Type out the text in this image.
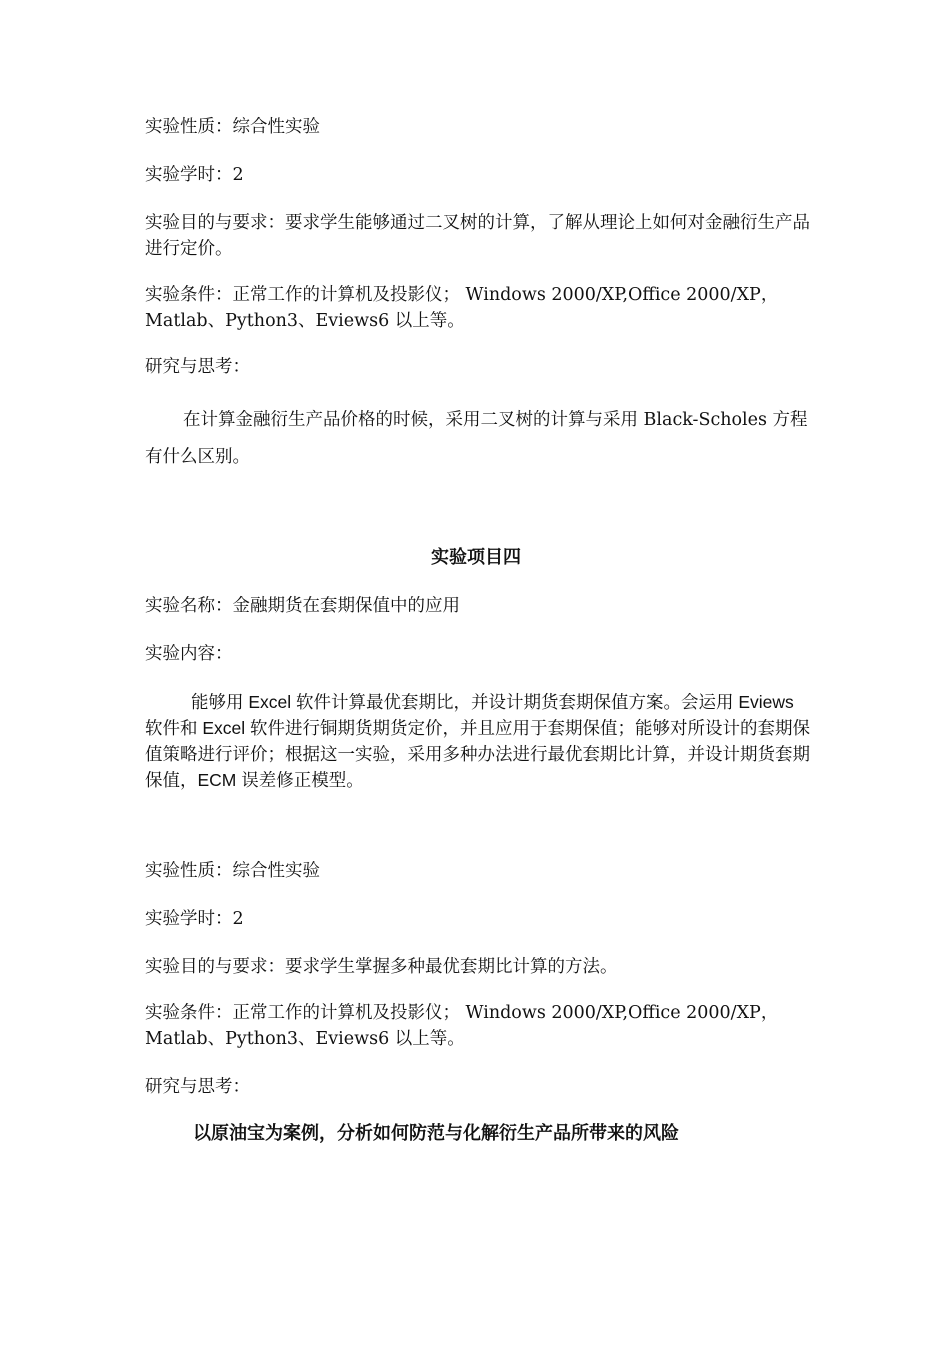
实验性质：综合性实验
实验学时：2
实验目的与要求：要求学生能够通过二叉树的计算，了解从理论上如何对金融衍生产品进行定价。
实验条件：正常工作的计算机及投影仪； Windows 2000/XP,Office 2000/XP，
Matlab、Python3、Eviews6 以上等。
研究与思考：
在计算金融衍生产品价格的时候，采用二叉树的计算与采用 Black-Scholes 方程有什么区别。
实验项目四
实验名称：金融期货在套期保值中的应用
实验内容：
能够用 Excel 软件计算最优套期比，并设计期货套期保值方案。会运用 Eviews 软件和 Excel 软件进行铜期货期货定价，并且应用于套期保值；能够对所设计的套期保值策略进行评价；根据这一实验，采用多种办法进行最优套期比计算，并设计期货套期保值，ECM 误差修正模型。
实验性质：综合性实验
实验学时：2
实验目的与要求：要求学生掌握多种最优套期比计算的方法。
实验条件：正常工作的计算机及投影仪； Windows 2000/XP,Office 2000/XP，
Matlab、Python3、Eviews6 以上等。
研究与思考：
以原油宝为案例，分析如何防范与化解衍生产品所带来的风险
